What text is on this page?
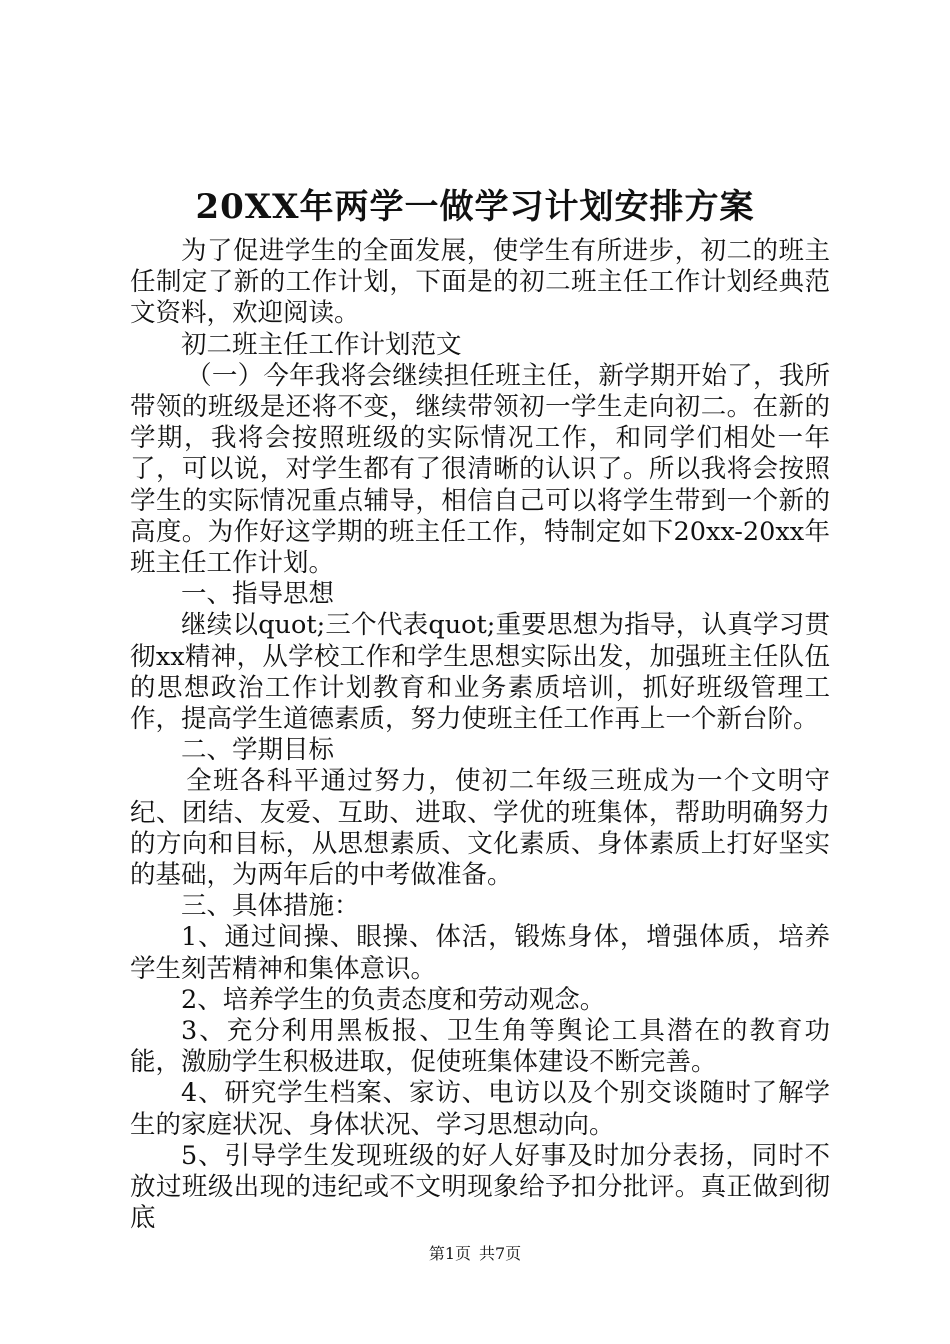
20XX年两学一做学习计划安排方案

为了促进学生的全面发展，使学生有所进步，初二的班主任制定了新的工作计划，下面是的初二班主任工作计划经典范文资料，欢迎阅读。

初二班主任工作计划范文

（一）今年我将会继续担任班主任，新学期开始了，我所带领的班级是还将不变，继续带领初一学生走向初二。在新的学期，我将会按照班级的实际情况工作，和同学们相处一年了，可以说，对学生都有了很清晰的认识了。所以我将会按照学生的实际情况重点辅导，相信自己可以将学生带到一个新的高度。为作好这学期的班主任工作，特制定如下20xx-20xx年班主任工作计划。

一、指导思想

继续以quot;三个代表quot;重要思想为指导，认真学习贯彻xx精神，从学校工作和学生思想实际出发，加强班主任队伍的思想政治工作计划教育和业务素质培训，抓好班级管理工作，提高学生道德素质，努力使班主任工作再上一个新台阶。

二、学期目标

全班各科平通过努力，使初二年级三班成为一个文明守纪、团结、友爱、互助、进取、学优的班集体，帮助明确努力的方向和目标，从思想素质、文化素质、身体素质上打好坚实的基础，为两年后的中考做准备。

三、具体措施：

1、通过间操、眼操、体活，锻炼身体，增强体质，培养学生刻苦精神和集体意识。

2、培养学生的负责态度和劳动观念。

3、充分利用黑板报、卫生角等舆论工具潜在的教育功能，激励学生积极进取，促使班集体建设不断完善。

4、研究学生档案、家访、电访以及个别交谈随时了解学生的家庭状况、身体状况、学习思想动向。

5、引导学生发现班级的好人好事及时加分表扬，同时不放过班级出现的违纪或不文明现象给予扣分批评。真正做到彻底

第1页 共7页
